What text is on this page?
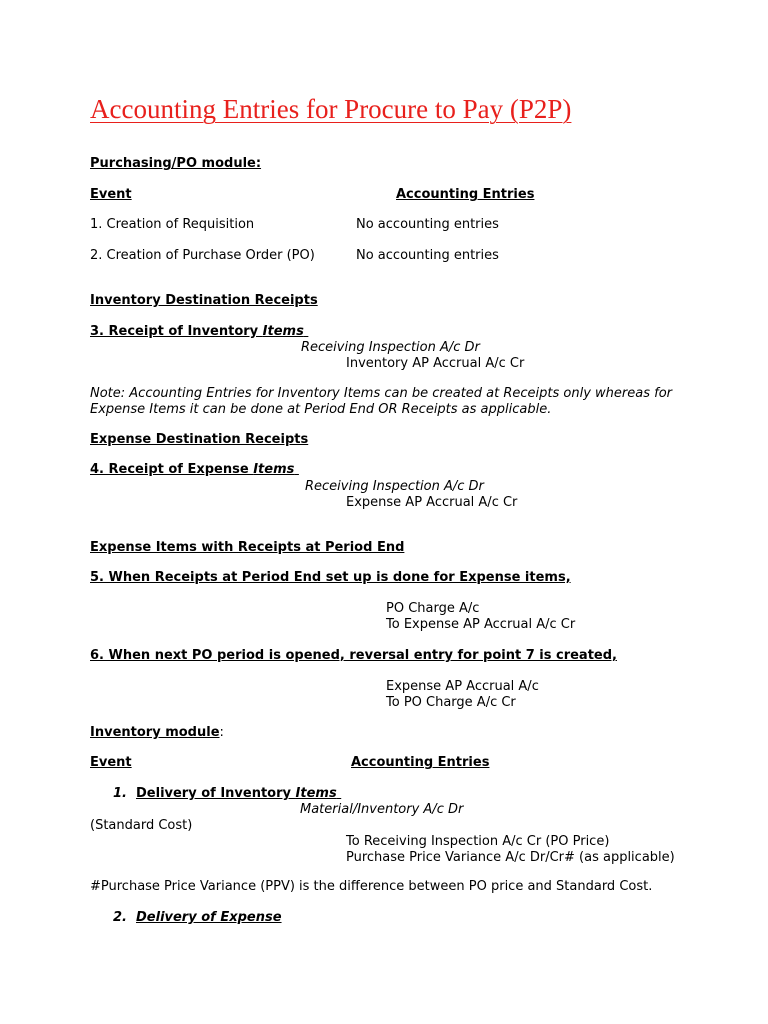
Accounting Entries for Procure to Pay (P2P)
Purchasing/PO module:
Event	Accounting Entries
1. Creation of Requisition	No accounting entries
2. Creation of Purchase Order (PO)	No accounting entries
Inventory Destination Receipts
3. Receipt of Inventory Items
Receiving Inspection A/c Dr
Inventory AP Accrual A/c Cr
Note: Accounting Entries for Inventory Items can be created at Receipts only whereas for
Expense Items it can be done at Period End OR Receipts as applicable.
Expense Destination Receipts
4. Receipt of Expense Items
Receiving Inspection A/c Dr
Expense AP Accrual A/c Cr
Expense Items with Receipts at Period End
5. When Receipts at Period End set up is done for Expense items,
PO Charge A/c
To Expense AP Accrual A/c Cr
6. When next PO period is opened, reversal entry for point 7 is created,
Expense AP Accrual A/c
To PO Charge A/c Cr
Inventory module:
Event	Accounting Entries
1. Delivery of Inventory Items
Material/Inventory A/c Dr
(Standard Cost)
To Receiving Inspection A/c Cr (PO Price)
Purchase Price Variance A/c Dr/Cr# (as applicable)
#Purchase Price Variance (PPV) is the difference between PO price and Standard Cost.
2. Delivery of Expense
